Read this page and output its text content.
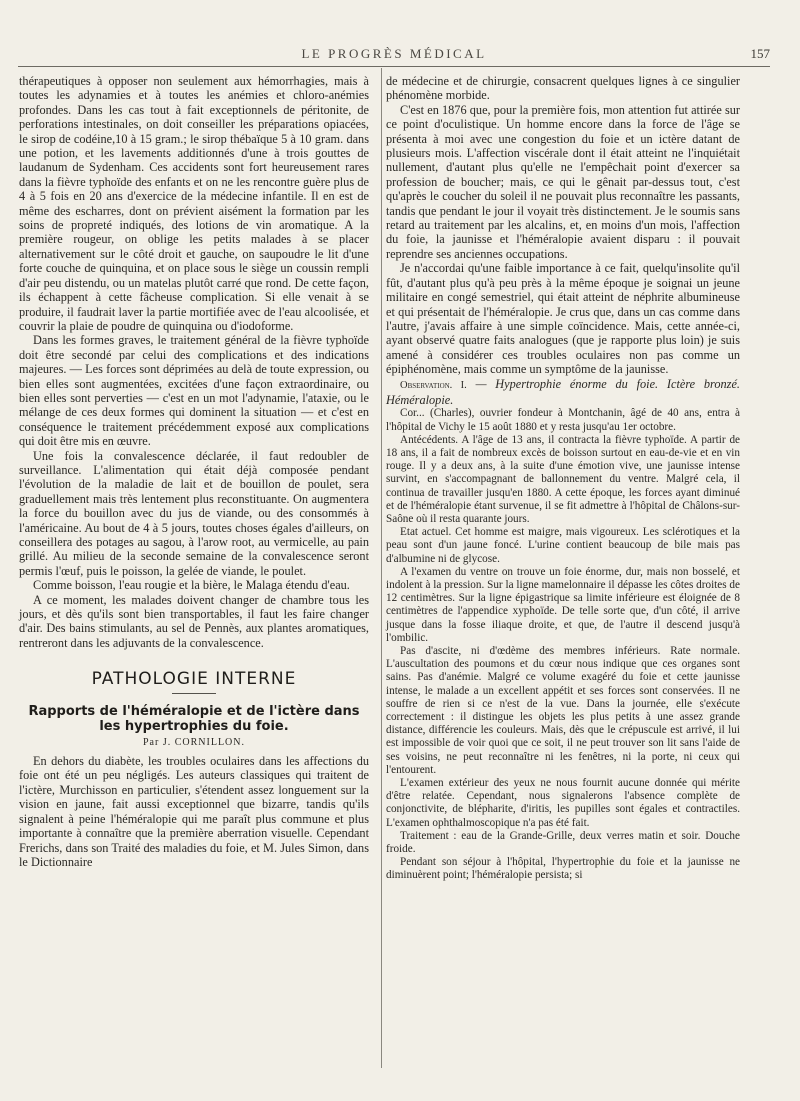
LE PROGRÈS MÉDICAL	157

thérapeutiques à opposer non seulement aux hémorrhagies, mais à toutes les adynamies et à toutes les anémies et chloro-anémies profondes. Dans les cas tout à fait exceptionnels de péritonite, de perforations intestinales, on doit conseiller les préparations opiacées, le sirop de codéine,10 à 15 gram.; le sirop thébaïque 5 à 10 gram. dans une potion, et les lavements additionnés d'une à trois gouttes de laudanum de Sydenham. Ces accidents sont fort heureusement rares dans la fièvre typhoïde des enfants et on ne les rencontre guère plus de 4 à 5 fois en 20 ans d'exercice de la médecine infantile. Il en est de même des escharres, dont on prévient aisément la formation par les soins de propreté indiqués, des lotions de vin aromatique. A la première rougeur, on oblige les petits malades à se placer alternativement sur le côté droit et gauche, on saupoudre le lit d'une forte couche de quinquina, et on place sous le siège un coussin rempli d'air peu distendu, ou un matelas plutôt carré que rond. De cette façon, ils échappent à cette fâcheuse complication. Si elle venait à se produire, il faudrait laver la partie mortifiée avec de l'eau alcoolisée, et couvrir la plaie de poudre de quinquina ou d'iodoforme.

Dans les formes graves, le traitement général de la fièvre typhoïde doit être secondé par celui des complications et des indications majeures. — Les forces sont déprimées au delà de toute expression, ou bien elles sont augmentées, excitées d'une façon extraordinaire, ou bien elles sont perverties — c'est en un mot l'adynamie, l'ataxie, ou le mélange de ces deux formes qui dominent la situation — et c'est en conséquence le traitement précédemment exposé aux complications qui doit être mis en œuvre.

Une fois la convalescence déclarée, il faut redoubler de surveillance. L'alimentation qui était déjà composée pendant l'évolution de la maladie de lait et de bouillon de poulet, sera graduellement mais très lentement plus reconstituante. On augmentera la force du bouillon avec du jus de viande, ou des consommés à l'américaine. Au bout de 4 à 5 jours, toutes choses égales d'ailleurs, on conseillera des potages au sagou, à l'arow root, au vermicelle, au pain grillé. Au milieu de la seconde semaine de la convalescence seront permis l'œuf, puis le poisson, la gelée de viande, le poulet.

Comme boisson, l'eau rougie et la bière, le Malaga étendu d'eau.

A ce moment, les malades doivent changer de chambre tous les jours, et dès qu'ils sont bien transportables, il faut les faire changer d'air. Des bains stimulants, au sel de Pennès, aux plantes aromatiques, rentreront dans les adjuvants de la convalescence.

PATHOLOGIE INTERNE
Rapports de l'héméralopie et de l'ictère dans
les hypertrophies du foie.
Par J. CORNILLON.

En dehors du diabète, les troubles oculaires dans les affections du foie ont été un peu négligés. Les auteurs classiques qui traitent de l'ictère, Murchisson en particulier, s'étendent assez longuement sur la vision en jaune, fait aussi exceptionnel que bizarre, tandis qu'ils signalent à peine l'héméralopie qui me paraît plus commune et plus importante à connaître que la première aberration visuelle. Cependant Frerichs, dans son Traité des maladies du foie, et M. Jules Simon, dans le Dictionnaire

de médecine et de chirurgie, consacrent quelques lignes à ce singulier phénomène morbide.

C'est en 1876 que, pour la première fois, mon attention fut attirée sur ce point d'oculistique. Un homme encore dans la force de l'âge se présenta à moi avec une congestion du foie et un ictère datant de plusieurs mois. L'affection viscérale dont il était atteint ne l'inquiétait nullement, d'autant plus qu'elle ne l'empêchait point d'exercer sa profession de boucher; mais, ce qui le gênait par-dessus tout, c'est qu'après le coucher du soleil il ne pouvait plus reconnaître les passants, tandis que pendant le jour il voyait très distinctement. Je le soumis sans retard au traitement par les alcalins, et, en moins d'un mois, l'affection du foie, la jaunisse et l'héméralopie avaient disparu : il pouvait reprendre ses anciennes occupations.

Je n'accordai qu'une faible importance à ce fait, quelqu'insolite qu'il fût, d'autant plus qu'à peu près à la même époque je soignai un jeune militaire en congé semestriel, qui était atteint de néphrite albumineuse et qui présentait de l'héméralopie. Je crus que, dans un cas comme dans l'autre, j'avais affaire à une simple coïncidence. Mais, cette année-ci, ayant observé quatre faits analogues (que je rapporte plus loin) je suis amené à considérer ces troubles oculaires non pas comme un épiphénomène, mais comme un symptôme de la jaunisse.

Observation. I. — Hypertrophie énorme du foie. Ictère bronzé. Héméralopie.

Cor... (Charles), ouvrier fondeur à Montchanin, âgé de 40 ans, entra à l'hôpital de Vichy le 15 août 1880 et y resta jusqu'au 1er octobre.

Antécédents. A l'âge de 13 ans, il contracta la fièvre typhoïde. A partir de 18 ans, il a fait de nombreux excès de boisson surtout en eau-de-vie et en vin rouge. Il y a deux ans, à la suite d'une émotion vive, une jaunisse intense survint, en s'accompagnant de ballonnement du ventre. Malgré cela, il continua de travailler jusqu'en 1880. A cette époque, les forces ayant diminué et de l'héméralopie étant survenue, il se fit admettre à l'hôpital de Châlons-sur-Saône où il resta quarante jours.

Etat actuel. Cet homme est maigre, mais vigoureux. Les sclérotiques et la peau sont d'un jaune foncé. L'urine contient beaucoup de bile mais pas d'albumine ni de glycose.

A l'examen du ventre on trouve un foie énorme, dur, mais non bosselé, et indolent à la pression. Sur la ligne mamelonnaire il dépasse les côtes droites de 12 centimètres. Sur la ligne épigastrique sa limite inférieure est éloignée de 8 centimètres de l'appendice xyphoïde. De telle sorte que, d'un côté, il arrive jusque dans la fosse iliaque droite, et que, de l'autre il descend jusqu'à l'ombilic.

Pas d'ascite, ni d'œdème des membres inférieurs. Rate normale. L'auscultation des poumons et du cœur nous indique que ces organes sont sains. Pas d'anémie. Malgré ce volume exagéré du foie et cette jaunisse intense, le malade a un excellent appétit et ses forces sont conservées. Il ne souffre de rien si ce n'est de la vue. Dans la journée, elle s'exécute correctement : il distingue les objets les plus petits à une assez grande distance, différencie les couleurs. Mais, dès que le crépuscule est arrivé, il lui est impossible de voir quoi que ce soit, il ne peut trouver son lit sans l'aide de ses voisins, ne peut reconnaître ni les fenêtres, ni la porte, ni ceux qui l'entourent.

L'examen extérieur des yeux ne nous fournit aucune donnée qui mérite d'être relatée. Cependant, nous signalerons l'absence complète de conjonctivite, de blépharite, d'iritis, les pupilles sont égales et contractiles. L'examen ophthalmoscopique n'a pas été fait.

Traitement : eau de la Grande-Grille, deux verres matin et soir. Douche froide.

Pendant son séjour à l'hôpital, l'hypertrophie du foie et la jaunisse ne diminuèrent point; l'héméralopie persista; si
